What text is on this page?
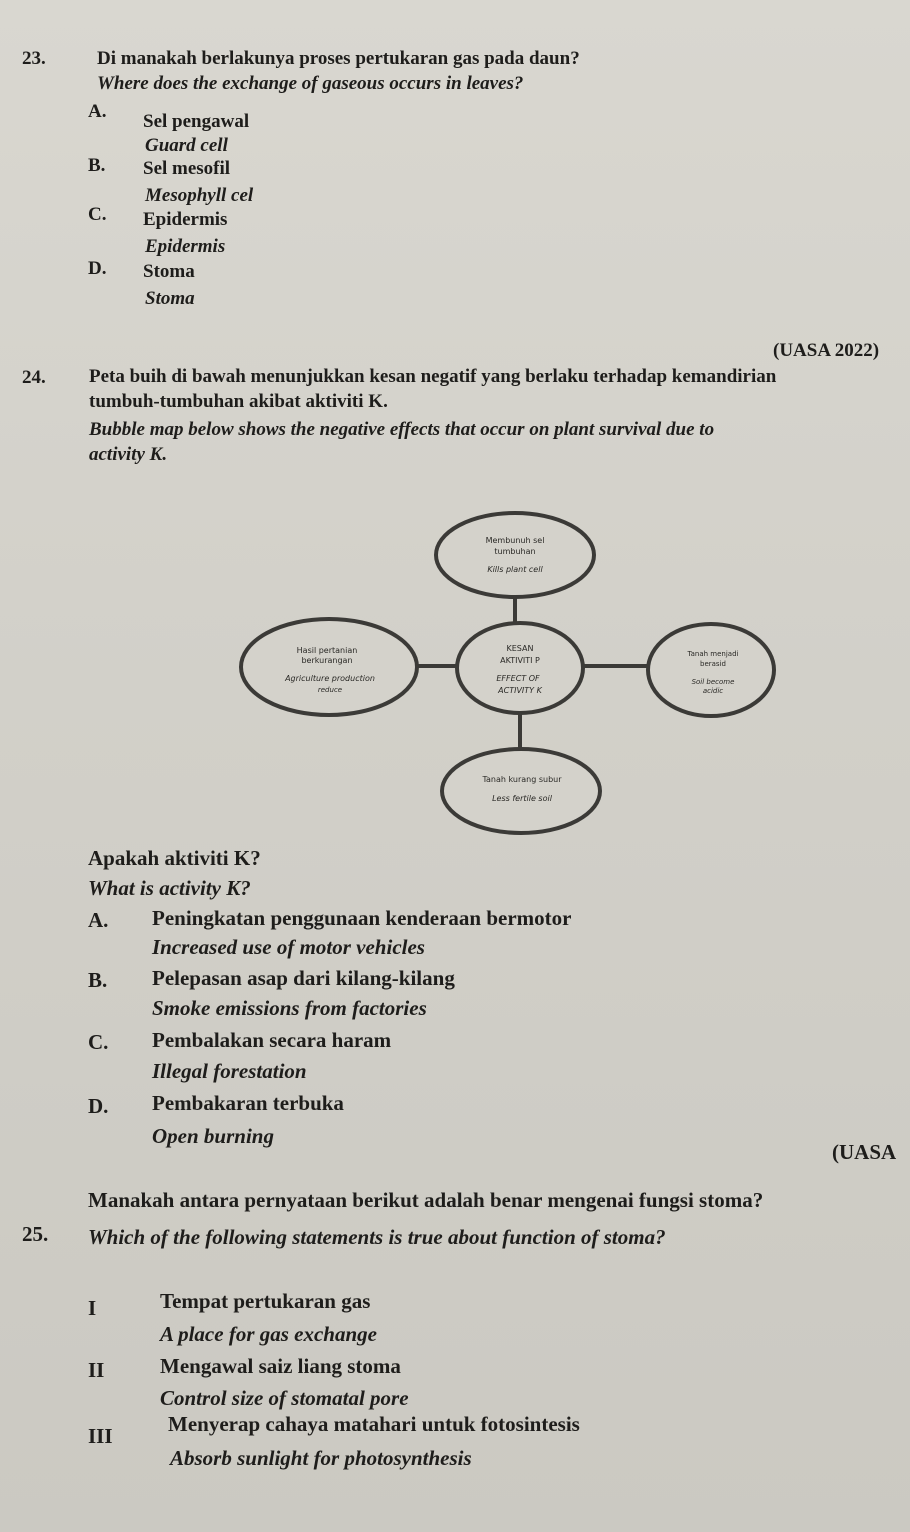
23.	Di manakah berlakunya proses pertukaran gas pada daun?
Where does the exchange of gaseous occurs in leaves?
A. Sel pengawal
Guard cell
B. Sel mesofil
Mesophyll cel
C. Epidermis
Epidermis
D. Stoma
Stoma
(UASA 2022)
24. Peta buih di bawah menunjukkan kesan negatif yang berlaku terhadap kemandirian
tumbuh-tumbuhan akibat aktiviti K.
Bubble map below shows the negative effects that occur on plant survival due to
activity K.
Membunuh sel
tumbuhan
Kills plant cell
Hasil pertanian
berkurangan
Agriculture production
reduce
KESAN
AKTIVITI P
EFFECT OF
ACTIVITY K
Tanah menjadi
berasid
Soil become
acidic
Tanah kurang subur
Less fertile soil
Apakah aktiviti K?
What is activity K?
A. Peningkatan penggunaan kenderaan bermotor
Increased use of motor vehicles
B. Pelepasan asap dari kilang-kilang
Smoke emissions from factories
C. Pembalakan secara haram
Illegal forestation
D. Pembakaran terbuka
Open burning
(UASA
25.
Manakah antara pernyataan berikut adalah benar mengenai fungsi stoma?
Which of the following statements is true about function of stoma?
I	Tempat pertukaran gas
A place for gas exchange
II	Mengawal saiz liang stoma
Control size of stomatal pore
III	Menyerap cahaya matahari untuk fotosintesis
Absorb sunlight for photosynthesis
